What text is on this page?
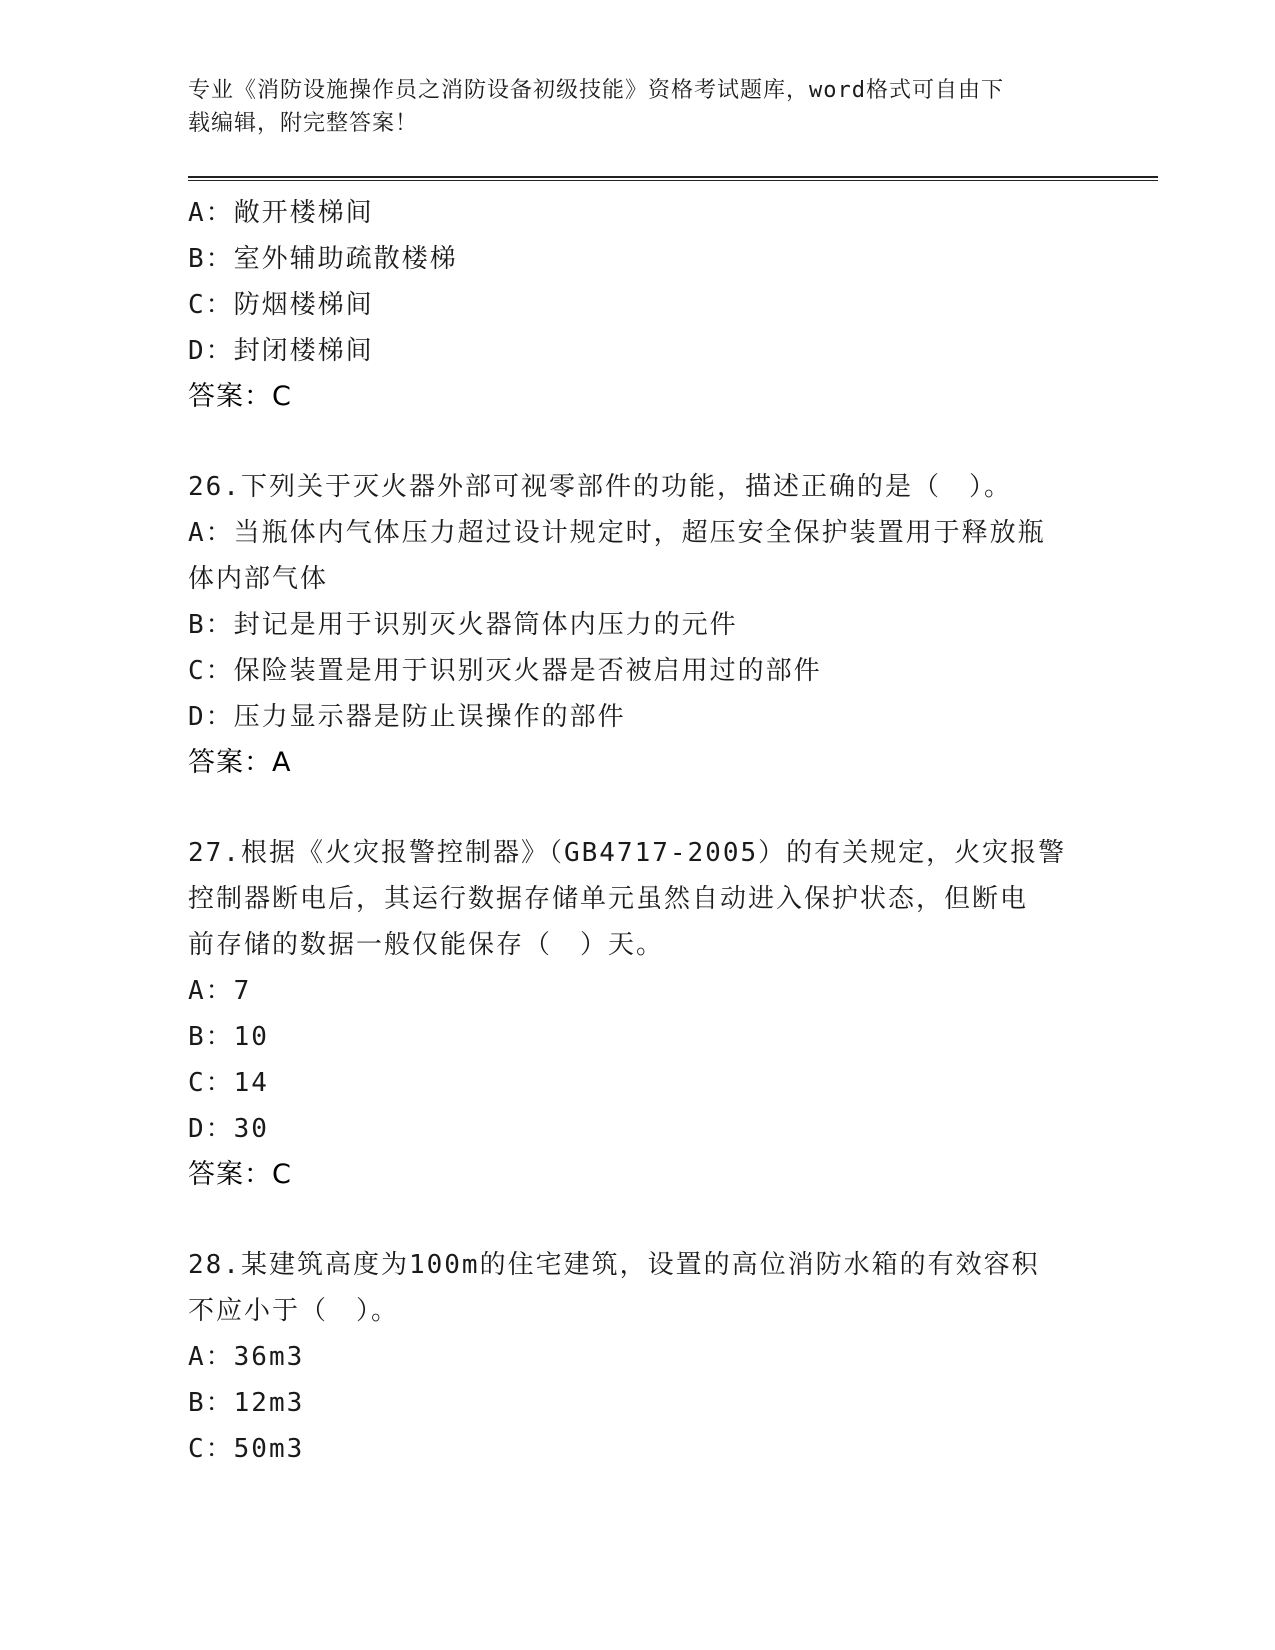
专业《消防设施操作员之消防设备初级技能》资格考试题库，word格式可自由下
载编辑，附完整答案！
A：敞开楼梯间
B：室外辅助疏散楼梯
C：防烟楼梯间
D：封闭楼梯间
答案：C
26.下列关于灭火器外部可视零部件的功能，描述正确的是（　）。
A：当瓶体内气体压力超过设计规定时，超压安全保护装置用于释放瓶
体内部气体
B：封记是用于识别灭火器筒体内压力的元件
C：保险装置是用于识别灭火器是否被启用过的部件
D：压力显示器是防止误操作的部件
答案：A
27.根据《火灾报警控制器》（GB4717-2005）的有关规定，火灾报警
控制器断电后，其运行数据存储单元虽然自动进入保护状态，但断电
前存储的数据一般仅能保存（　）天。
A：7
B：10
C：14
D：30
答案：C
28.某建筑高度为100m的住宅建筑，设置的高位消防水箱的有效容积
不应小于（　）。
A：36m3
B：12m3
C：50m3
